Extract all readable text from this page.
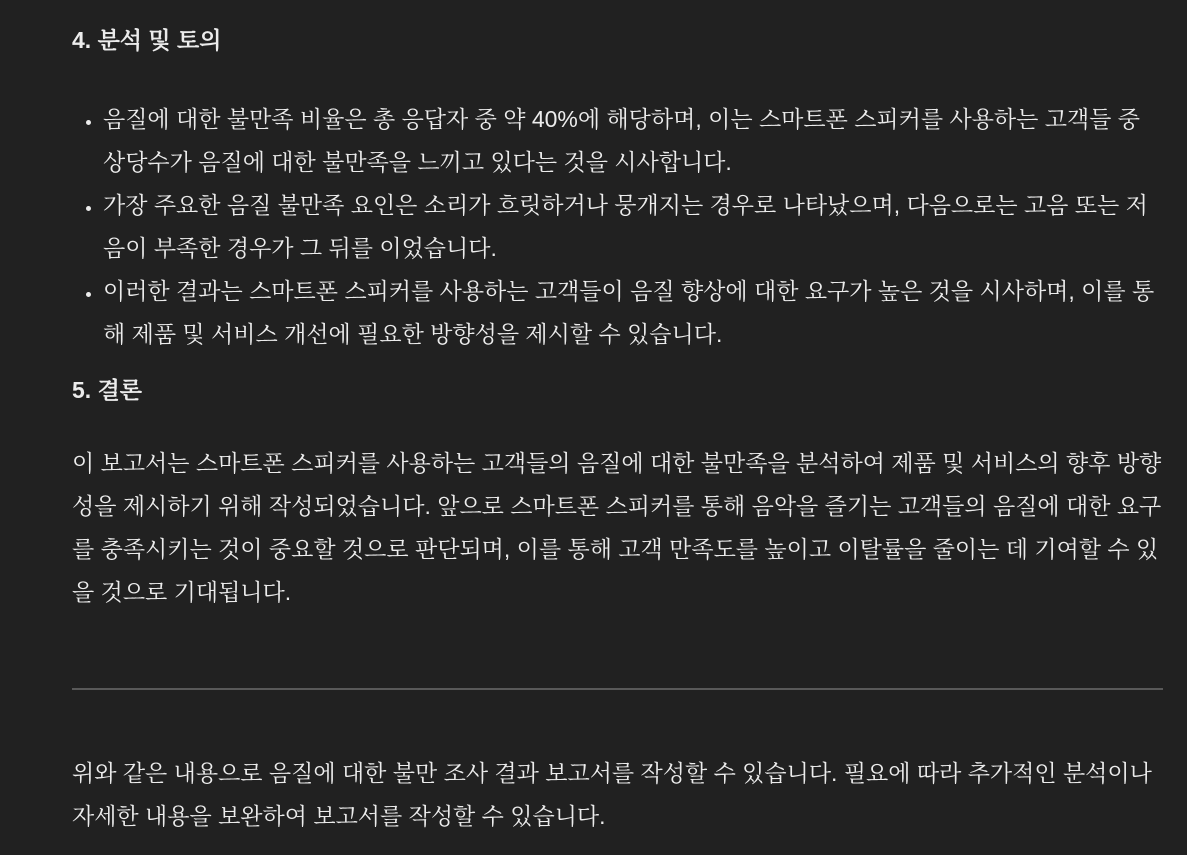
4. 분석 및 토의
• 음질에 대한 불만족 비율은 총 응답자 중 약 40%에 해당하며, 이는 스마트폰 스피커를 사용하는 고객들 중 상당수가 음질에 대한 불만족을 느끼고 있다는 것을 시사합니다.
• 가장 주요한 음질 불만족 요인은 소리가 흐릿하거나 뭉개지는 경우로 나타났으며, 다음으로는 고음 또는 저음이 부족한 경우가 그 뒤를 이었습니다.
• 이러한 결과는 스마트폰 스피커를 사용하는 고객들이 음질 향상에 대한 요구가 높은 것을 시사하며, 이를 통해 제품 및 서비스 개선에 필요한 방향성을 제시할 수 있습니다.
5. 결론

이 보고서는 스마트폰 스피커를 사용하는 고객들의 음질에 대한 불만족을 분석하여 제품 및 서비스의 향후 방향성을 제시하기 위해 작성되었습니다. 앞으로 스마트폰 스피커를 통해 음악을 즐기는 고객들의 음질에 대한 요구를 충족시키는 것이 중요할 것으로 판단되며, 이를 통해 고객 만족도를 높이고 이탈률을 줄이는 데 기여할 수 있을 것으로 기대됩니다.

위와 같은 내용으로 음질에 대한 불만 조사 결과 보고서를 작성할 수 있습니다. 필요에 따라 추가적인 분석이나 자세한 내용을 보완하여 보고서를 작성할 수 있습니다.
